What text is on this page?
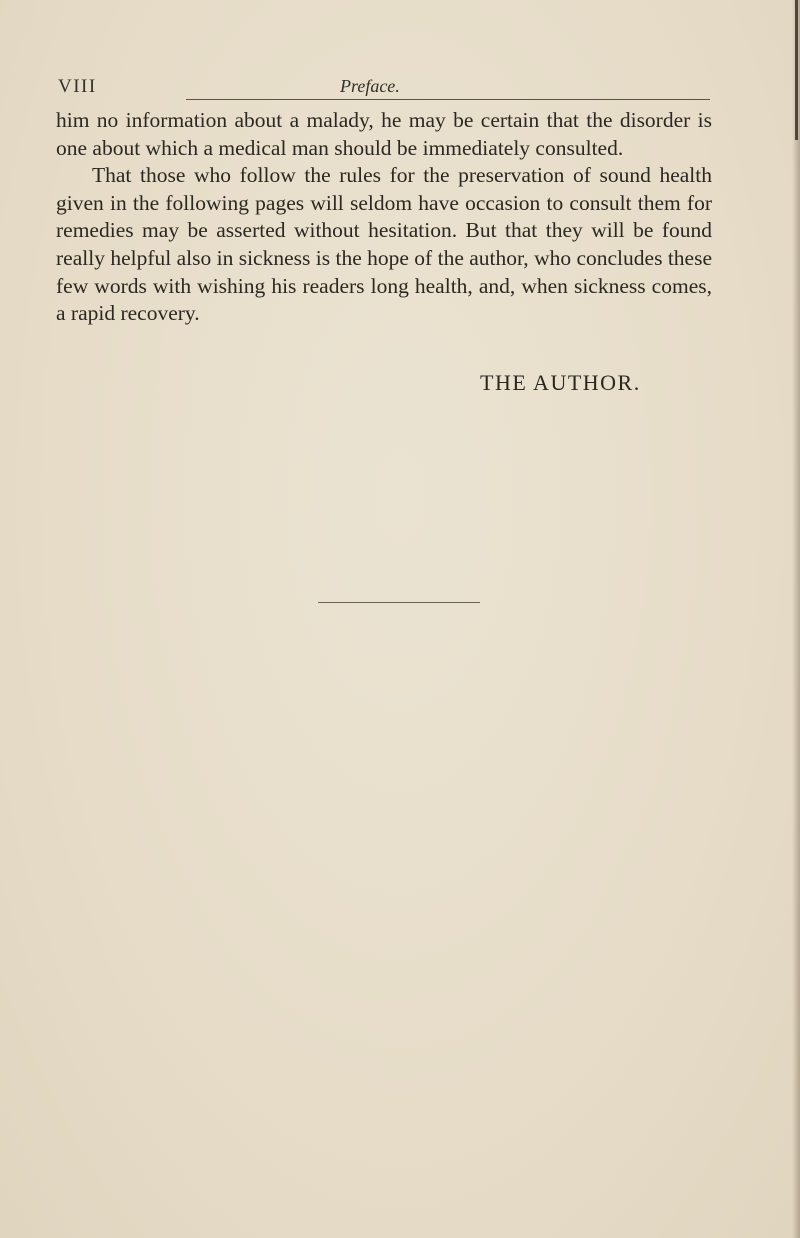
VIII	Preface.

him no information about a malady, he may be certain that the disorder is one about which a medical man should be immediately consulted.

That those who follow the rules for the preservation of sound health given in the following pages will seldom have occasion to consult them for remedies may be asserted without hesitation. But that they will be found really helpful also in sickness is the hope of the author, who concludes these few words with wishing his readers long health, and, when sickness comes, a rapid recovery.

THE AUTHOR.
